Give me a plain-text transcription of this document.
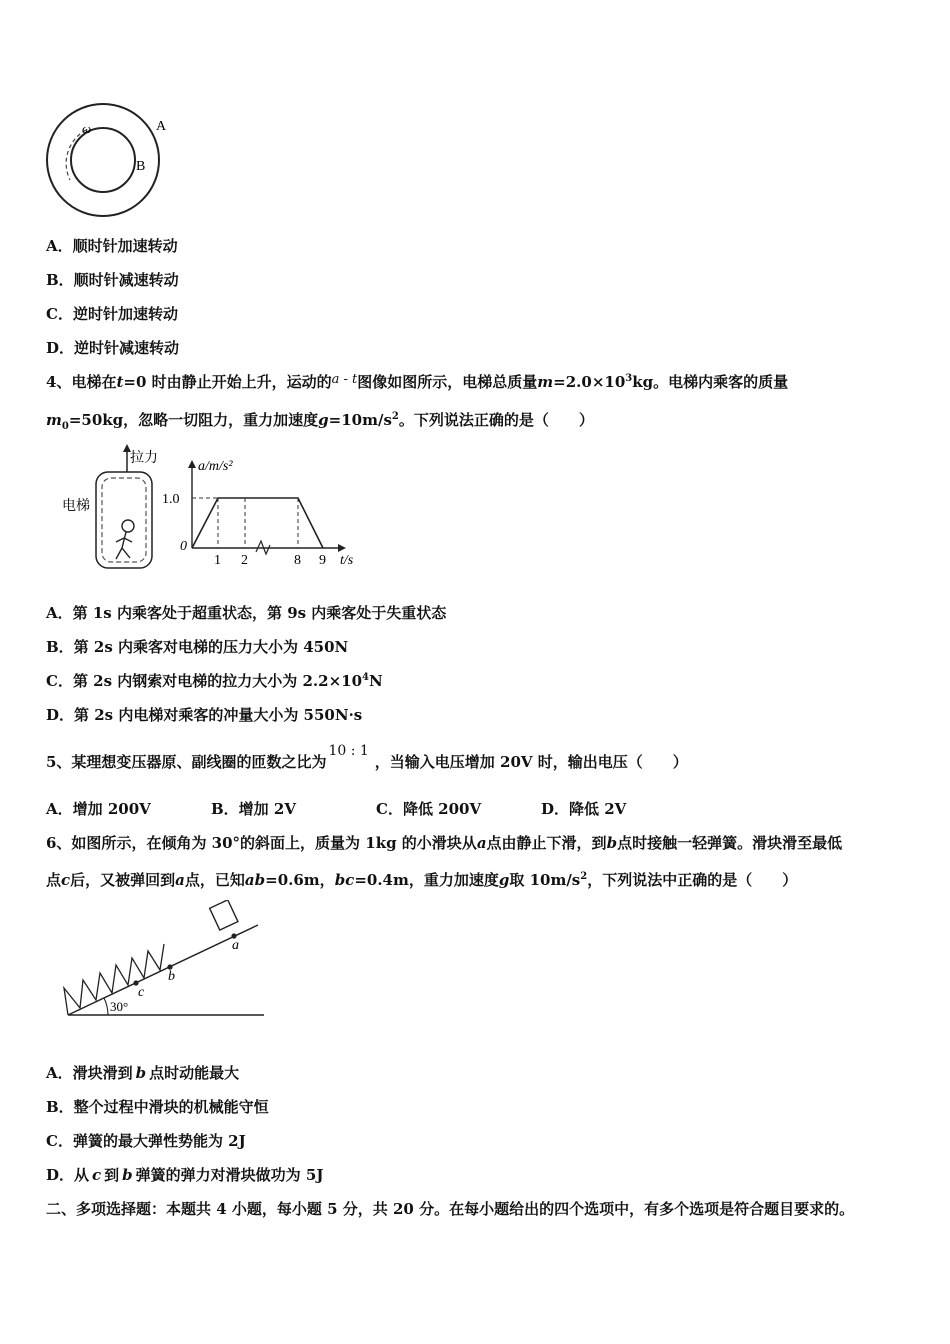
ω	A
B
A．顺时针加速转动
B．顺时针减速转动
C．逆时针加速转动
D．逆时针减速转动
4、电梯在t=0 时由静止开始上升，运动的a - t图像如图所示，电梯总质量$m=2.0\times 10^3kg$。电梯内乘客的质量
$m_0=50kg$，忽略一切阻力，重力加速度$g=10m/s^2$。下列说法正确的是（　　）
拉力
电梯
a/m/s²
1.0
0
1 2	8 9 t/s
A．第 1s 内乘客处于超重状态，第 9s 内乘客处于失重状态
B．第 2s 内乘客对电梯的压力大小为 450N
C．第 2s 内钢索对电梯的拉力大小为 $2.2\times 10^4N$
D．第 2s 内电梯对乘客的冲量大小为 550N·s
5、某理想变压器原、副线圈的匝数之比为10 : 1，当输入电压增加 20V 时，输出电压（　　）
A．增加 200V	B．增加 2V	C．降低 200V	D．降低 2V
6、如图所示，在倾角为 30°的斜面上，质量为 1kg 的小滑块从a点由静止下滑，到b点时接触一轻弹簧。滑块滑至最低
点c后，又被弹回到a点，已知ab=0.6m，bc=0.4m，重力加速度g取 $10m/s^2$，下列说法中正确的是（　　）
c
b
a
30°
A．滑块滑到 b 点时动能最大
B．整个过程中滑块的机械能守恒
C．弹簧的最大弹性势能为 2J
D．从 c 到 b 弹簧的弹力对滑块做功为 5J
二、多项选择题：本题共 4 小题，每小题 5 分，共 20 分。在每小题给出的四个选项中，有多个选项是符合题目要求的。
